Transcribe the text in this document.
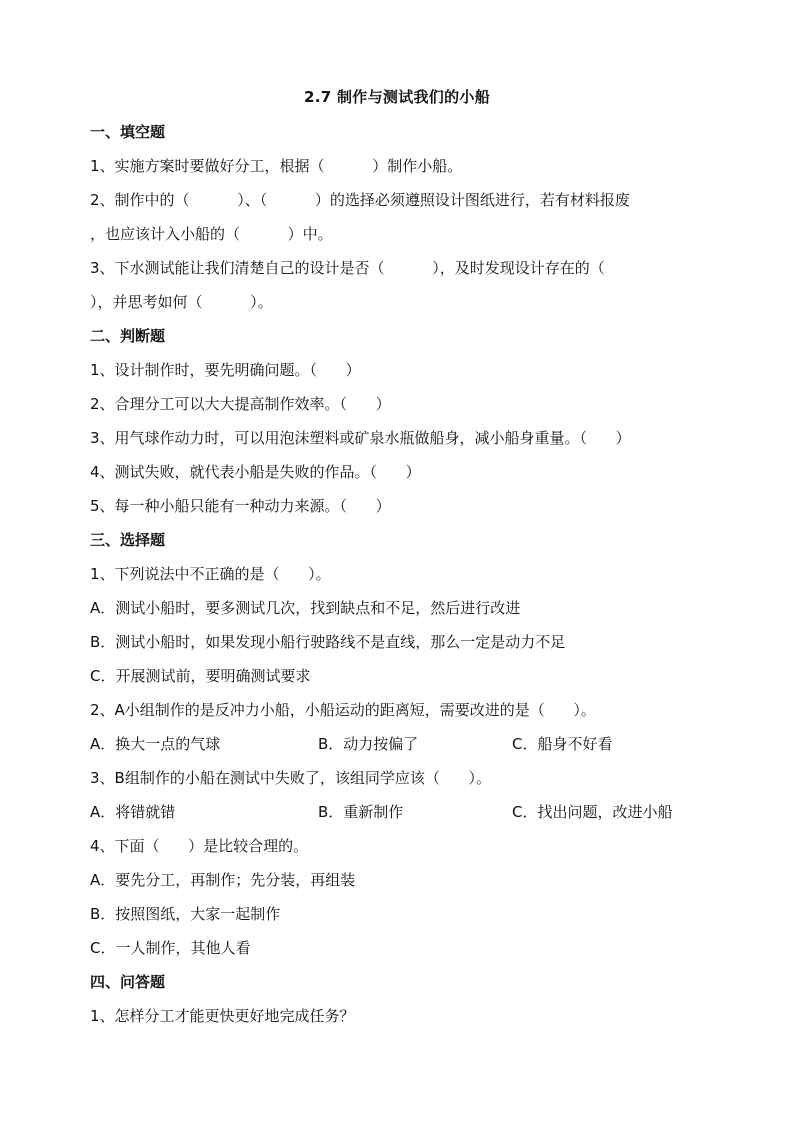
2.7 制作与测试我们的小船
一、填空题
1、实施方案时要做好分工，根据（          ）制作小船。
2、制作中的（          ）、（          ）的选择必须遵照设计图纸进行，若有材料报废
，也应该计入小船的（          ）中。
3、下水测试能让我们清楚自己的设计是否（          ），及时发现设计存在的（
），并思考如何（          ）。
二、判断题
1、设计制作时，要先明确问题。（      ）
2、合理分工可以大大提高制作效率。（      ）
3、用气球作动力时，可以用泡沫塑料或矿泉水瓶做船身，减小船身重量。（      ）
4、测试失败，就代表小船是失败的作品。（      ）
5、每一种小船只能有一种动力来源。（      ）
三、选择题
1、下列说法中不正确的是（      ）。
A．测试小船时，要多测试几次，找到缺点和不足，然后进行改进
B．测试小船时，如果发现小船行驶路线不是直线，那么一定是动力不足
C．开展测试前，要明确测试要求
2、A小组制作的是反冲力小船，小船运动的距离短，需要改进的是（      ）。
A．换大一点的气球	B．动力按偏了	C．船身不好看
3、B组制作的小船在测试中失败了，该组同学应该（      ）。
A．将错就错	B．重新制作	C．找出问题，改进小船
4、下面（      ）是比较合理的。
A．要先分工，再制作；先分装，再组装
B．按照图纸，大家一起制作
C．一人制作，其他人看
四、问答题
1、怎样分工才能更快更好地完成任务？
